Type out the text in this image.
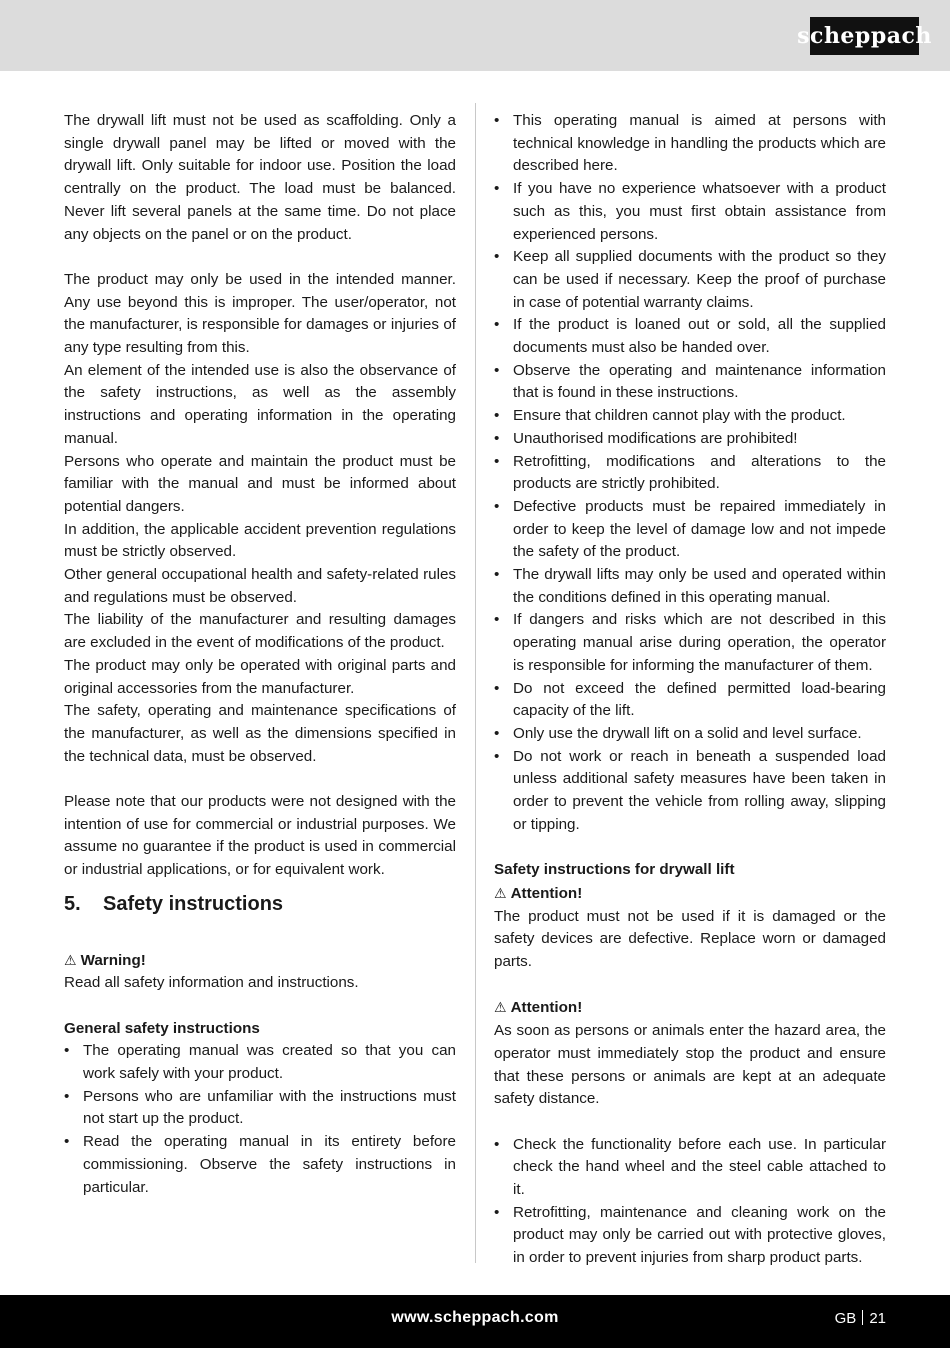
scheppach

The drywall lift must not be used as scaffolding. Only a single drywall panel may be lifted or moved with the drywall lift. Only suitable for indoor use. Position the load centrally on the product. The load must be balanced. Never lift several panels at the same time. Do not place any objects on the panel or on the product.

The product may only be used in the intended manner. Any use beyond this is improper. The user/operator, not the manufacturer, is responsible for damages or injuries of any type resulting from this.

An element of the intended use is also the observance of the safety instructions, as well as the assembly instructions and operating information in the operating manual.

Persons who operate and maintain the product must be familiar with the manual and must be informed about potential dangers.

In addition, the applicable accident prevention regulations must be strictly observed.

Other general occupational health and safety-related rules and regulations must be observed.

The liability of the manufacturer and resulting damages are excluded in the event of modifications of the product.

The product may only be operated with original parts and original accessories from the manufacturer.

The safety, operating and maintenance specifications of the manufacturer, as well as the dimensions specified in the technical data, must be observed.

Please note that our products were not designed with the intention of use for commercial or industrial purposes. We assume no guarantee if the product is used in commercial or industrial applications, or for equivalent work.

5.	Safety instructions

⚠ Warning!

Read all safety information and instructions.

General safety instructions

• The operating manual was created so that you can work safely with your product.
• Persons who are unfamiliar with the instructions must not start up the product.
• Read the operating manual in its entirety before commissioning. Observe the safety instructions in particular.
• This operating manual is aimed at persons with technical knowledge in handling the products which are described here.
• If you have no experience whatsoever with a product such as this, you must first obtain assistance from experienced persons.
• Keep all supplied documents with the product so they can be used if necessary. Keep the proof of purchase in case of potential warranty claims.
• If the product is loaned out or sold, all the supplied documents must also be handed over.
• Observe the operating and maintenance information that is found in these instructions.
• Ensure that children cannot play with the product.
• Unauthorised modifications are prohibited!
• Retrofitting, modifications and alterations to the products are strictly prohibited.
• Defective products must be repaired immediately in order to keep the level of damage low and not impede the safety of the product.
• The drywall lifts may only be used and operated within the conditions defined in this operating manual.
• If dangers and risks which are not described in this operating manual arise during operation, the operator is responsible for informing the manufacturer of them.
• Do not exceed the defined permitted load-bearing capacity of the lift.
• Only use the drywall lift on a solid and level surface.
• Do not work or reach in beneath a suspended load unless additional safety measures have been taken in order to prevent the vehicle from rolling away, slipping or tipping.

Safety instructions for drywall lift

⚠ Attention!

The product must not be used if it is damaged or the safety devices are defective. Replace worn or damaged parts.

⚠ Attention!

As soon as persons or animals enter the hazard area, the operator must immediately stop the product and ensure that these persons or animals are kept at an adequate safety distance.

• Check the functionality before each use. In particular check the hand wheel and the steel cable attached to it.
• Retrofitting, maintenance and cleaning work on the product may only be carried out with protective gloves, in order to prevent injuries from sharp product parts.
www.scheppach.com	GB 21
